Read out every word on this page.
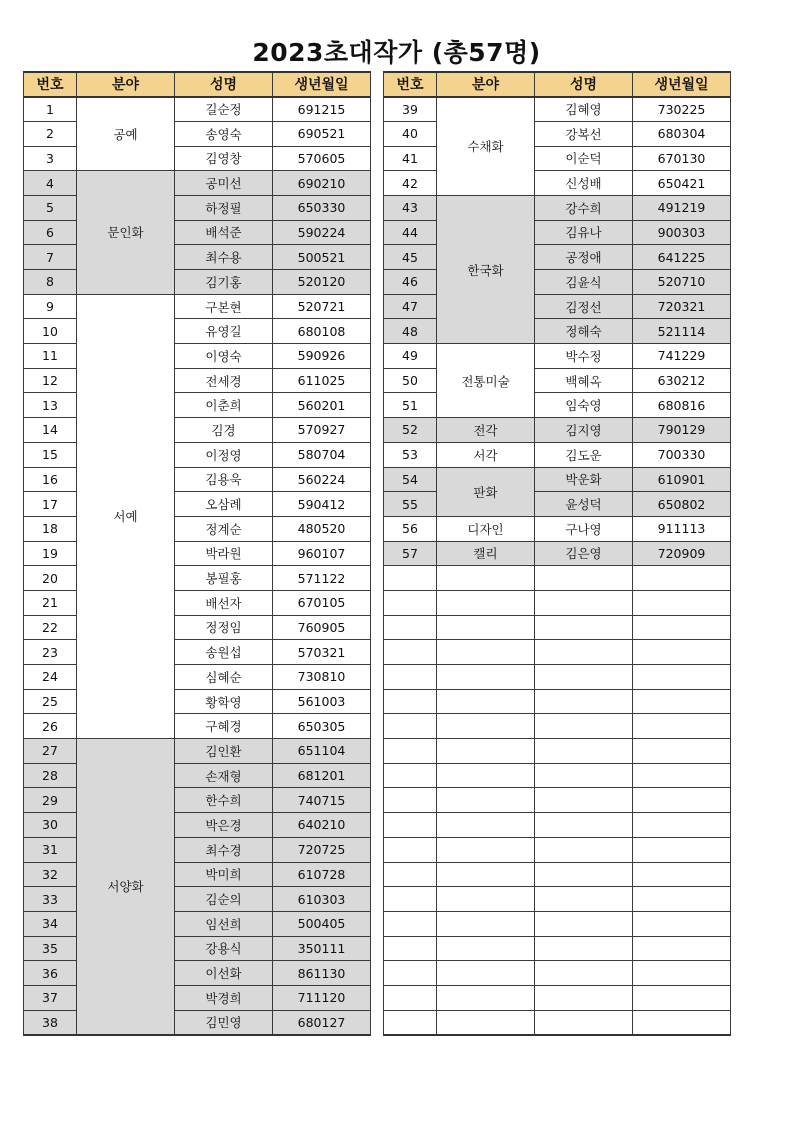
2023초대작가 (총57명)
번호	분야	성명	생년월일
1	공예	길순정	691215
2		송영숙	690521
3		김영창	570605
4	문인화	공미선	690210
5		하정필	650330
6		배석준	590224
7		최수용	500521
8		김기홍	520120
9	서예	구본현	520721
10		유영길	680108
11		이영숙	590926
12		전세경	611025
13		이춘희	560201
14		김경	570927
15		이정영	580704
16		김용욱	560224
17		오삼례	590412
18		정계순	480520
19		박라원	960107
20		봉필홍	571122
21		배선자	670105
22		정정임	760905
23		송원섭	570321
24		심혜순	730810
25		황학영	561003
26		구혜경	650305
27	서양화	김인환	651104
28		손재형	681201
29		한수희	740715
30		박은경	640210
31		최수경	720725
32		박미희	610728
33		김순의	610303
34		임선희	500405
35		강용식	350111
36		이선화	861130
37		박경희	711120
38		김민영	680127
번호	분야	성명	생년월일
39	수채화	김혜영	730225
40		강복선	680304
41		이순덕	670130
42		신성배	650421
43	한국화	강수희	491219
44		김유나	900303
45		공정애	641225
46		김윤식	520710
47		김정선	720321
48		정해숙	521114
49	전통미술	박수정	741229
50		백혜옥	630212
51		임숙영	680816
52	전각	김지영	790129
53	서각	김도운	700330
54	판화	박운화	610901
55		윤성덕	650802
56	디자인	구나영	911113
57	캘리	김은영	720909
